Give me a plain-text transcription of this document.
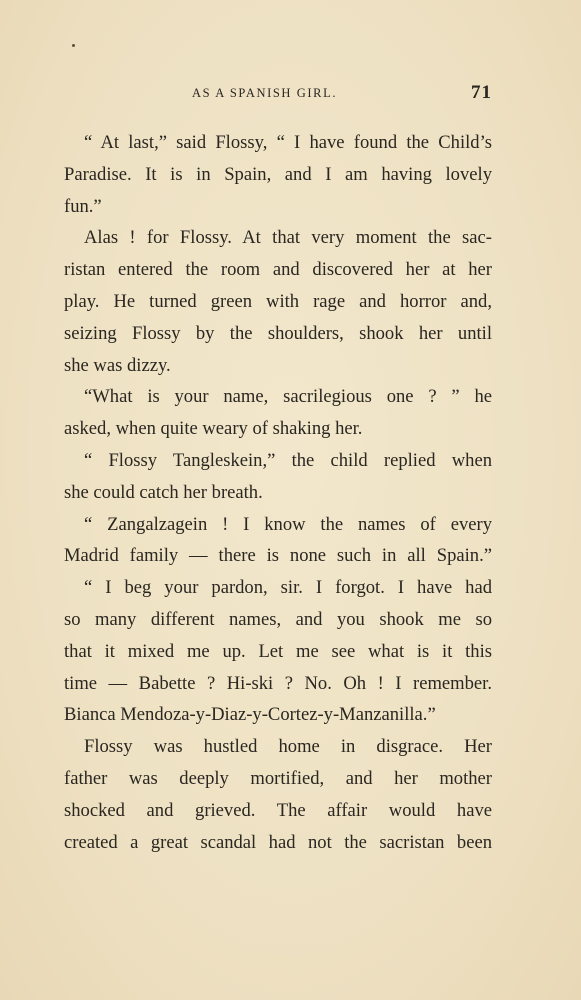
AS A SPANISH GIRL.	71
“ At last,” said Flossy, “ I have found the Child’s
Paradise. It is in Spain, and I am having lovely
fun.”
Alas ! for Flossy. At that very moment the sac-
ristan entered the room and discovered her at her
play. He turned green with rage and horror and,
seizing Flossy by the shoulders, shook her until
she was dizzy.
“What is your name, sacrilegious one ? ” he
asked, when quite weary of shaking her.
“ Flossy Tangleskein,” the child replied when
she could catch her breath.
“ Zangalzagein ! I know the names of every
Madrid family — there is none such in all Spain.”
“ I beg your pardon, sir. I forgot. I have had
so many different names, and you shook me so
that it mixed me up. Let me see what is it this
time — Babette ? Hi-ski ? No. Oh ! I remember.
Bianca Mendoza-y-Diaz-y-Cortez-y-Manzanilla.”
Flossy was hustled home in disgrace. Her
father was deeply mortified, and her mother
shocked and grieved. The affair would have
created a great scandal had not the sacristan been
